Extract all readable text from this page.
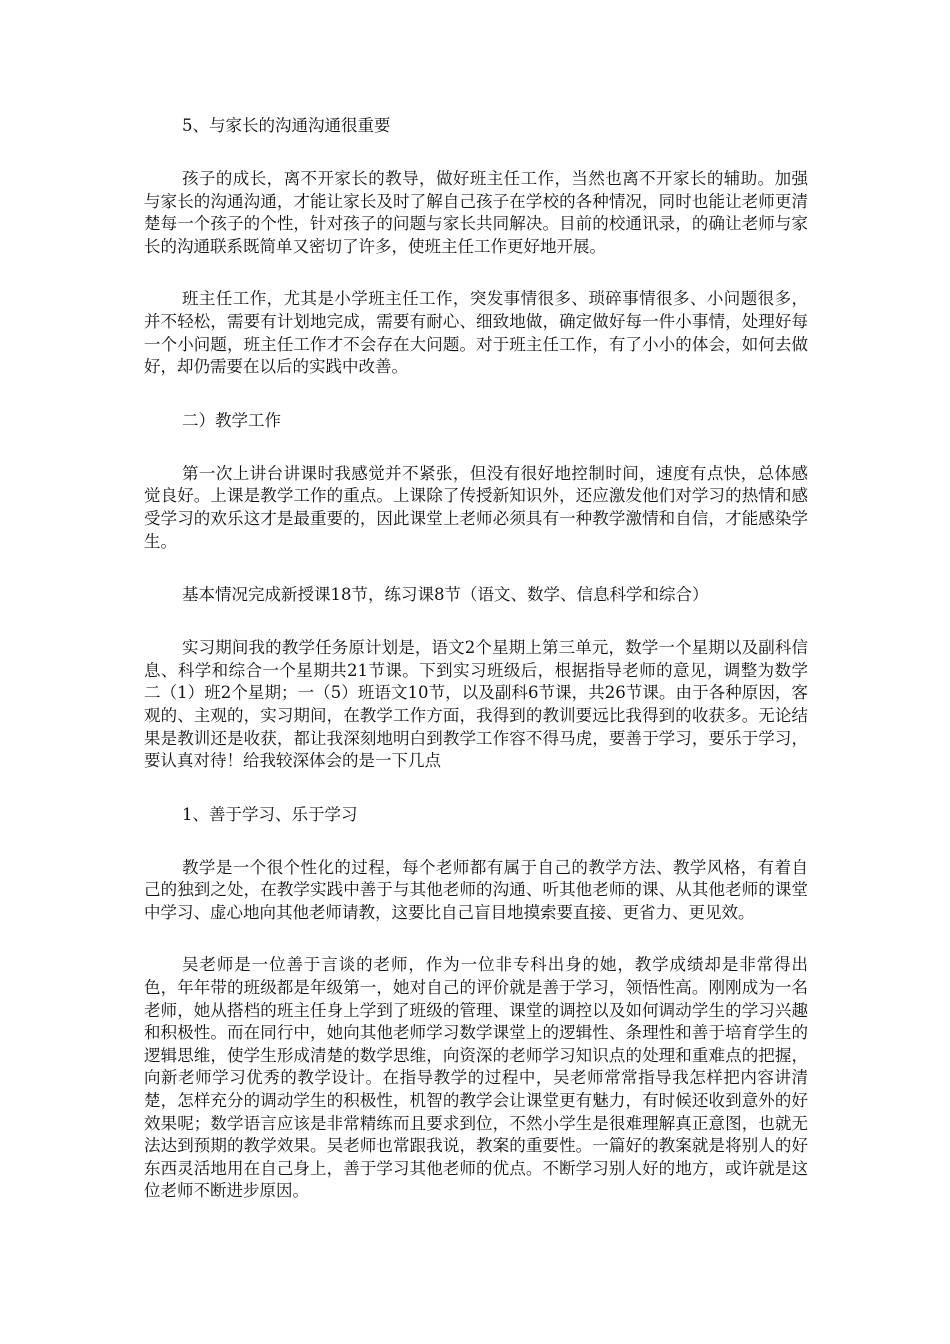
5、与家长的沟通沟通很重要

孩子的成长，离不开家长的教导，做好班主任工作，当然也离不开家长的辅助。加强与家长的沟通沟通，才能让家长及时了解自己孩子在学校的各种情况，同时也能让老师更清楚每一个孩子的个性，针对孩子的问题与家长共同解决。目前的校通讯录，的确让老师与家长的沟通联系既简单又密切了许多，使班主任工作更好地开展。

班主任工作，尤其是小学班主任工作，突发事情很多、琐碎事情很多、小问题很多，并不轻松，需要有计划地完成，需要有耐心、细致地做，确定做好每一件小事情，处理好每一个小问题，班主任工作才不会存在大问题。对于班主任工作，有了小小的体会，如何去做好，却仍需要在以后的实践中改善。

二）教学工作

第一次上讲台讲课时我感觉并不紧张，但没有很好地控制时间，速度有点快，总体感觉良好。上课是教学工作的重点。上课除了传授新知识外，还应激发他们对学习的热情和感受学习的欢乐这才是最重要的，因此课堂上老师必须具有一种教学激情和自信，才能感染学生。

基本情况完成新授课18节，练习课8节（语文、数学、信息科学和综合）

实习期间我的教学任务原计划是，语文2个星期上第三单元，数学一个星期以及副科信息、科学和综合一个星期共21节课。下到实习班级后，根据指导老师的意见，调整为数学二（1）班2个星期；一（5）班语文10节，以及副科6节课，共26节课。由于各种原因，客观的、主观的，实习期间，在教学工作方面，我得到的教训要远比我得到的收获多。无论结果是教训还是收获，都让我深刻地明白到教学工作容不得马虎，要善于学习，要乐于学习，要认真对待！给我较深体会的是一下几点

1、善于学习、乐于学习

教学是一个很个性化的过程，每个老师都有属于自己的教学方法、教学风格，有着自己的独到之处，在教学实践中善于与其他老师的沟通、听其他老师的课、从其他老师的课堂中学习、虚心地向其他老师请教，这要比自己盲目地摸索要直接、更省力、更见效。

吴老师是一位善于言谈的老师，作为一位非专科出身的她，教学成绩却是非常得出色，年年带的班级都是年级第一，她对自己的评价就是善于学习，领悟性高。刚刚成为一名老师，她从搭档的班主任身上学到了班级的管理、课堂的调控以及如何调动学生的学习兴趣和积极性。而在同行中，她向其他老师学习数学课堂上的逻辑性、条理性和善于培育学生的逻辑思维，使学生形成清楚的数学思维，向资深的老师学习知识点的处理和重难点的把握，向新老师学习优秀的教学设计。在指导教学的过程中，吴老师常常指导我怎样把内容讲清楚，怎样充分的调动学生的积极性，机智的教学会让课堂更有魅力，有时候还收到意外的好效果呢；数学语言应该是非常精练而且要求到位，不然小学生是很难理解真正意图，也就无法达到预期的教学效果。吴老师也常跟我说，教案的重要性。一篇好的教案就是将别人的好东西灵活地用在自己身上，善于学习其他老师的优点。不断学习别人好的地方，或许就是这位老师不断进步原因。
